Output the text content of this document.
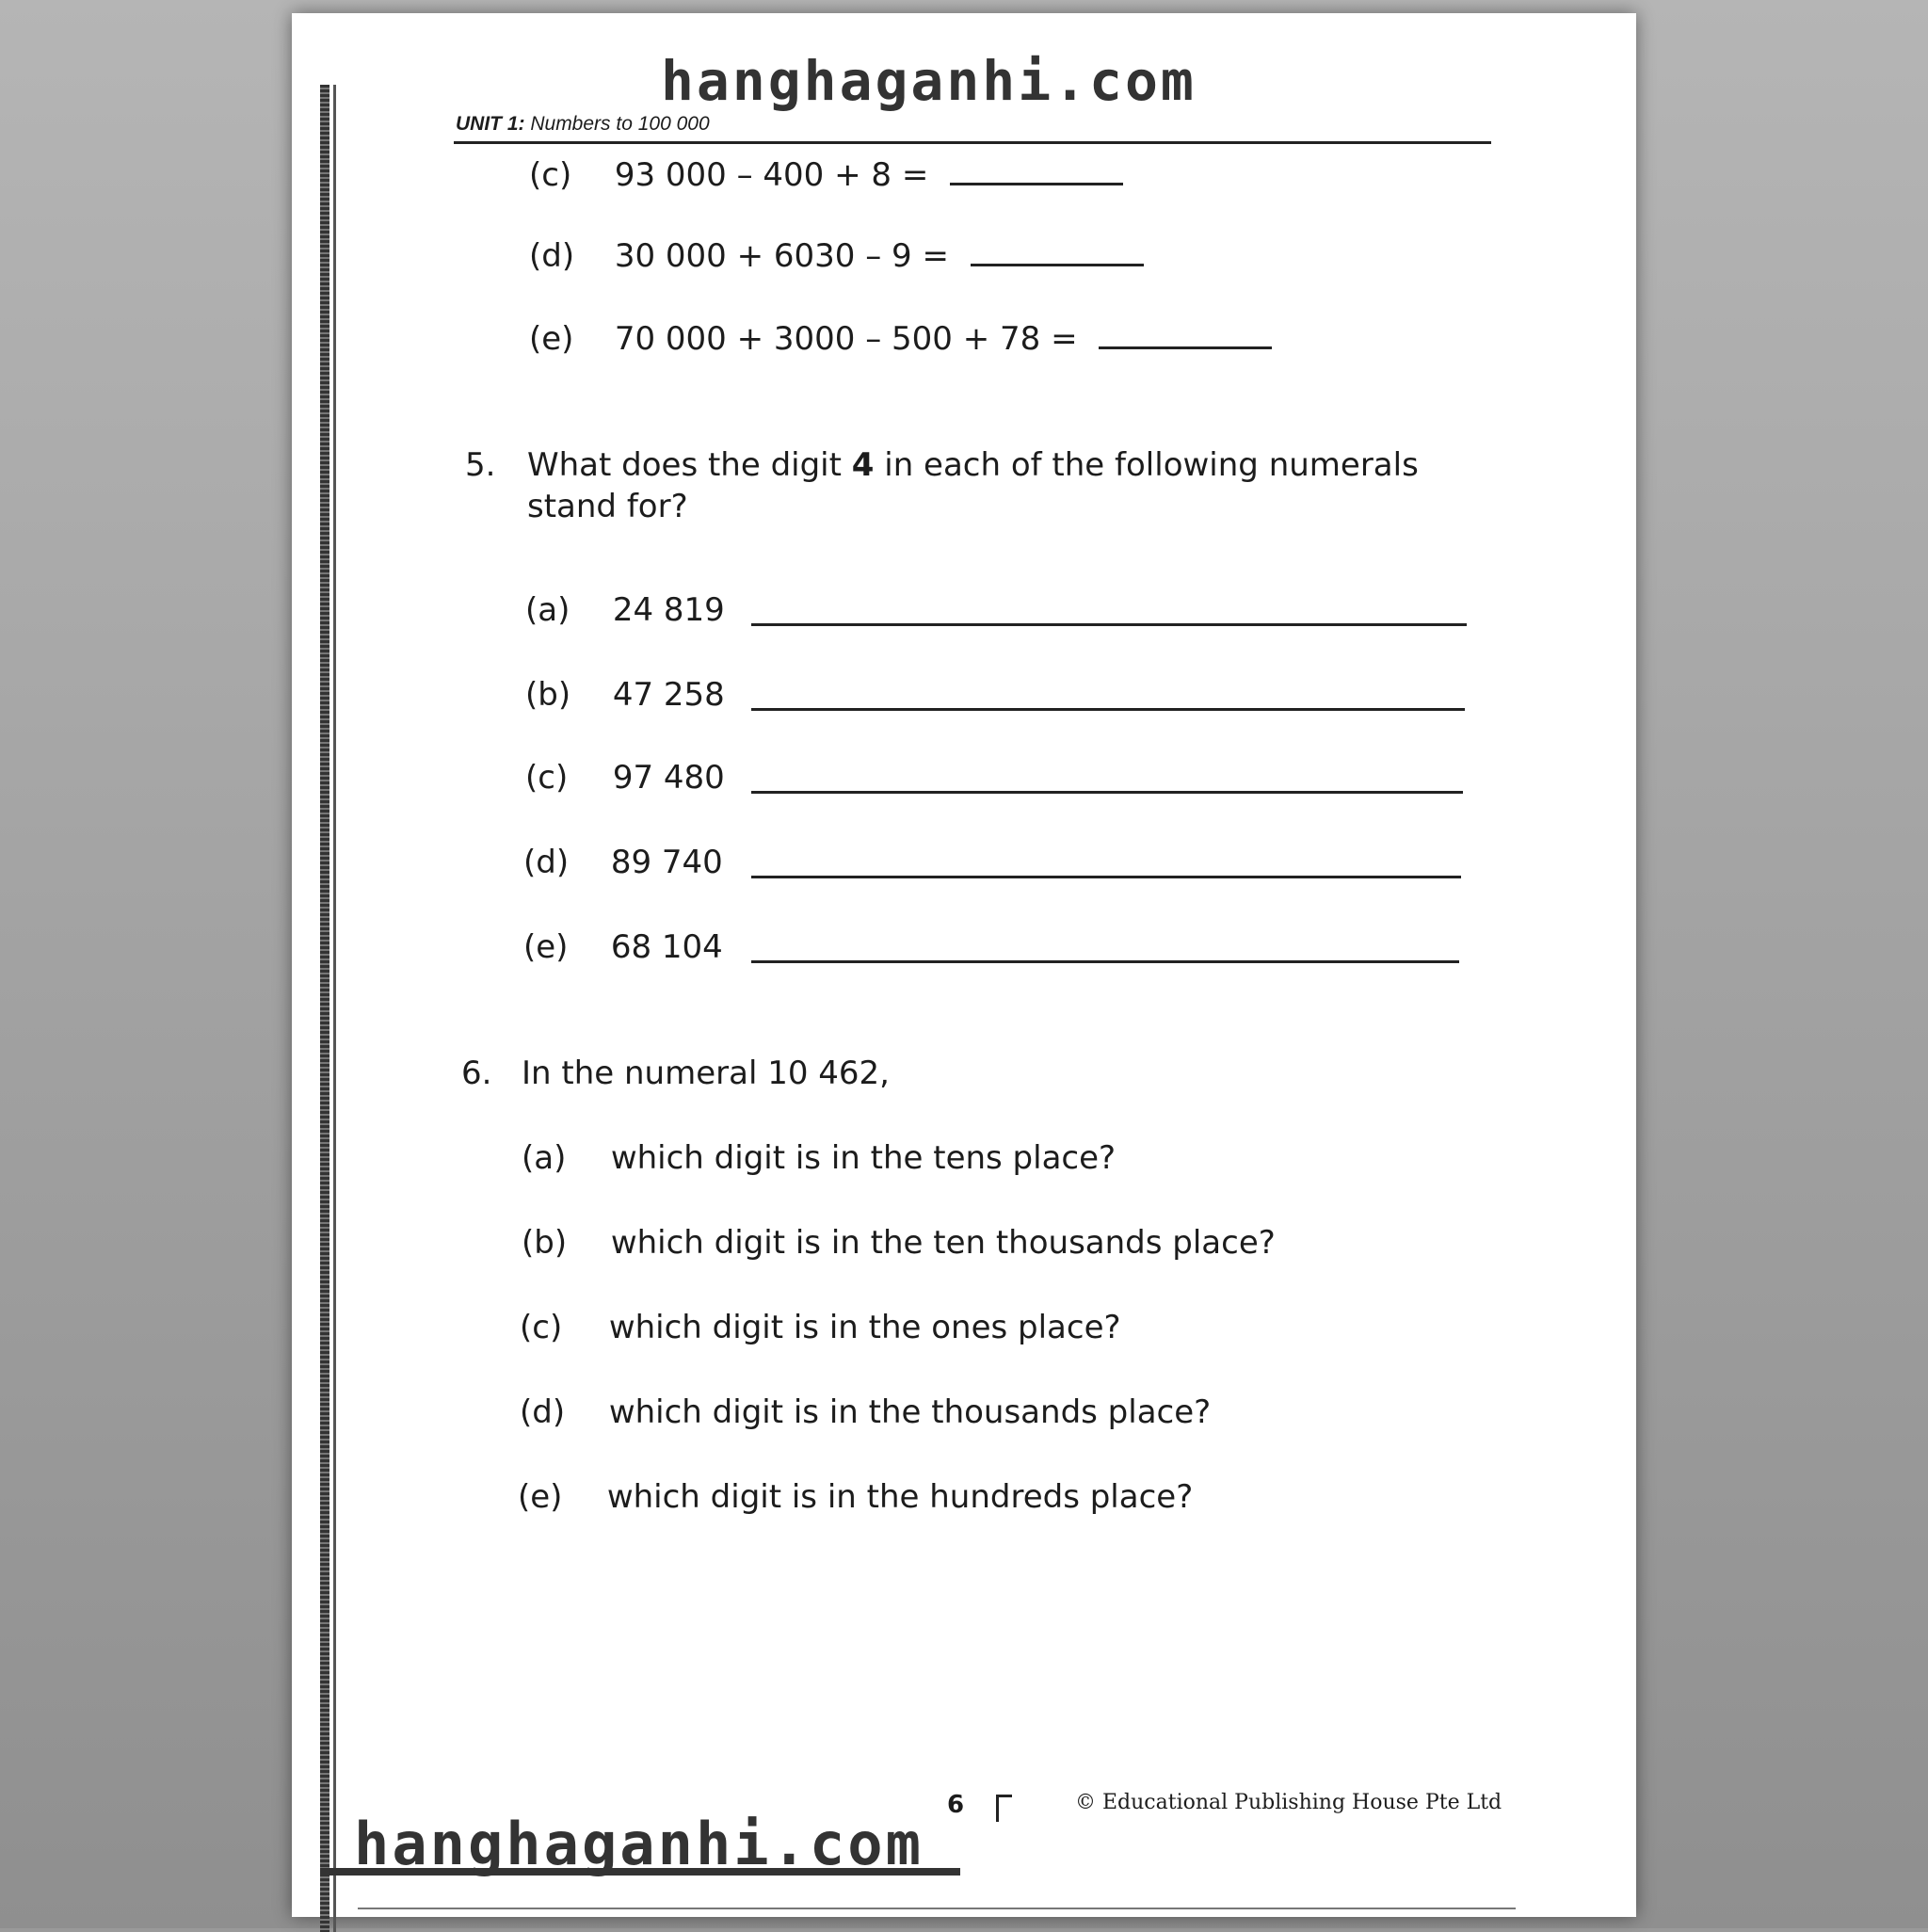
UNIT 1: Numbers to 100 000
(c) 93 000 – 400 + 8 =
(d) 30 000 + 6030 – 9 =
(e) 70 000 + 3000 – 500 + 78 =
5. What does the digit 4 in each of the following numerals
stand for?
(a) 24 819
(b) 47 258
(c) 97 480
(d) 89 740
(e) 68 104
6. In the numeral 10 462,
(a) which digit is in the tens place?
(b) which digit is in the ten thousands place?
(c) which digit is in the ones place?
(d) which digit is in the thousands place?
(e) which digit is in the hundreds place?
6	© Educational Publishing House Pte Ltd
hanghaganhi.com
hanghaganhi.com
